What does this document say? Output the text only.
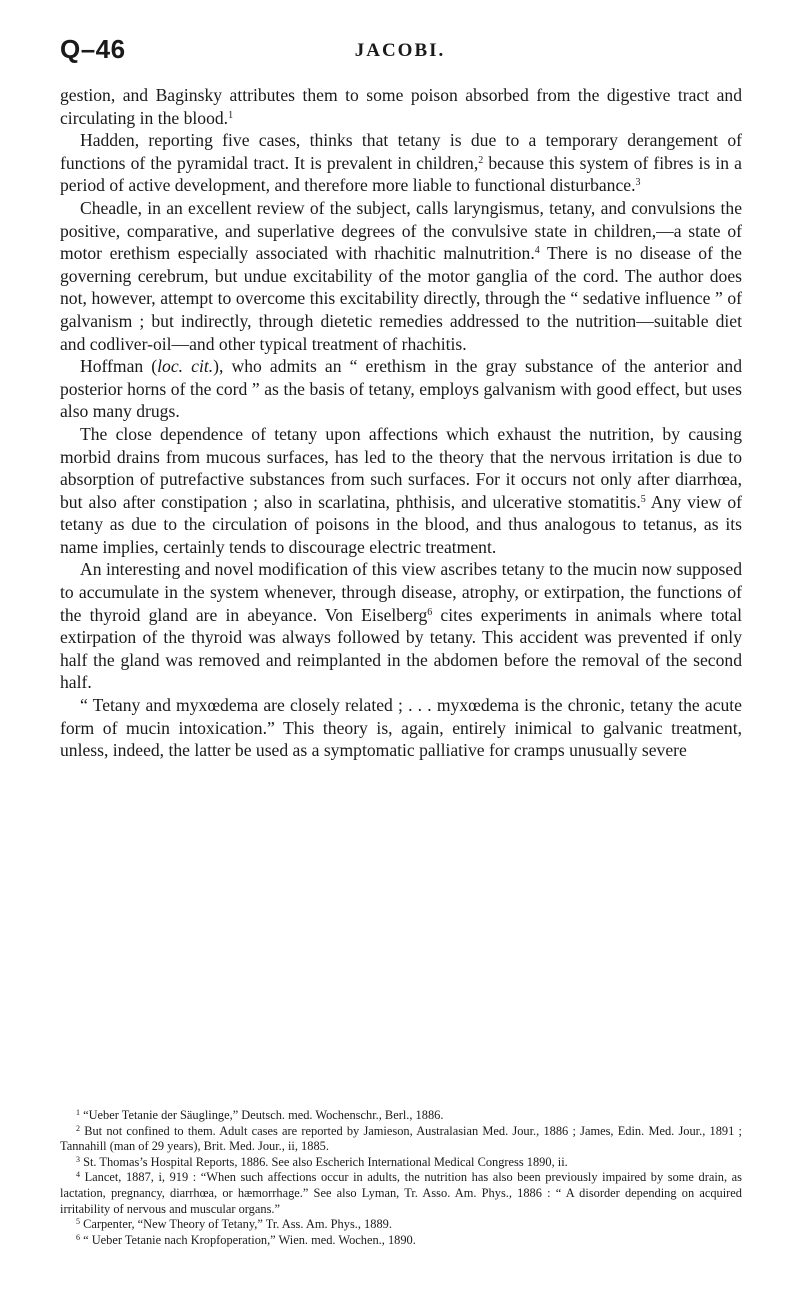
Q–46	JACOBI.

gestion, and Baginsky attributes them to some poison absorbed from the digestive tract and circulating in the blood.$^1$

Hadden, reporting five cases, thinks that tetany is due to a temporary derangement of functions of the pyramidal tract. It is prevalent in children,$^2$ because this system of fibres is in a period of active development, and therefore more liable to functional disturbance.$^3$

Cheadle, in an excellent review of the subject, calls laryngismus, tetany, and convulsions the positive, comparative, and superlative degrees of the convulsive state in children,—a state of motor erethism especially associated with rhachitic malnutrition.$^4$ There is no disease of the governing cerebrum, but undue excitability of the motor ganglia of the cord. The author does not, however, attempt to overcome this excitability directly, through the “ sedative influence ” of galvanism ; but indirectly, through dietetic remedies addressed to the nutrition—suitable diet and codliver-oil—and other typical treatment of rhachitis.

Hoffman (loc. cit.), who admits an “ erethism in the gray substance of the anterior and posterior horns of the cord ” as the basis of tetany, employs galvanism with good effect, but uses also many drugs.

The close dependence of tetany upon affections which exhaust the nutrition, by causing morbid drains from mucous surfaces, has led to the theory that the nervous irritation is due to absorption of putrefactive substances from such surfaces. For it occurs not only after diarrhœa, but also after constipation ; also in scarlatina, phthisis, and ulcerative stomatitis.$^5$ Any view of tetany as due to the circulation of poisons in the blood, and thus analogous to tetanus, as its name implies, certainly tends to discourage electric treatment.

An interesting and novel modification of this view ascribes tetany to the mucin now supposed to accumulate in the system whenever, through disease, atrophy, or extirpation, the functions of the thyroid gland are in abeyance. Von Eiselberg$^6$ cites experiments in animals where total extirpation of the thyroid was always followed by tetany. This accident was prevented if only half the gland was removed and reimplanted in the abdomen before the removal of the second half.

“ Tetany and myxœdema are closely related ; . . . myxœdema is the chronic, tetany the acute form of mucin intoxication.” This theory is, again, entirely inimical to galvanic treatment, unless, indeed, the latter be used as a symptomatic palliative for cramps unusually severe

$^1$ “Ueber Tetanie der Säuglinge,” Deutsch. med. Wochenschr., Berl., 1886.

$^2$ But not confined to them. Adult cases are reported by Jamieson, Australasian Med. Jour., 1886 ; James, Edin. Med. Jour., 1891 ; Tannahill (man of 29 years), Brit. Med. Jour., ii, 1885.

$^3$ St. Thomas’s Hospital Reports, 1886. See also Escherich International Medical Congress 1890, ii.

$^4$ Lancet, 1887, i, 919 : “When such affections occur in adults, the nutrition has also been previously impaired by some drain, as lactation, pregnancy, diarrhœa, or hæmorrhage.” See also Lyman, Tr. Asso. Am. Phys., 1886 : “ A disorder depending on acquired irritability of nervous and muscular organs.”

$^5$ Carpenter, “New Theory of Tetany,” Tr. Ass. Am. Phys., 1889.

$^6$ “ Ueber Tetanie nach Kropfoperation,” Wien. med. Wochen., 1890.
